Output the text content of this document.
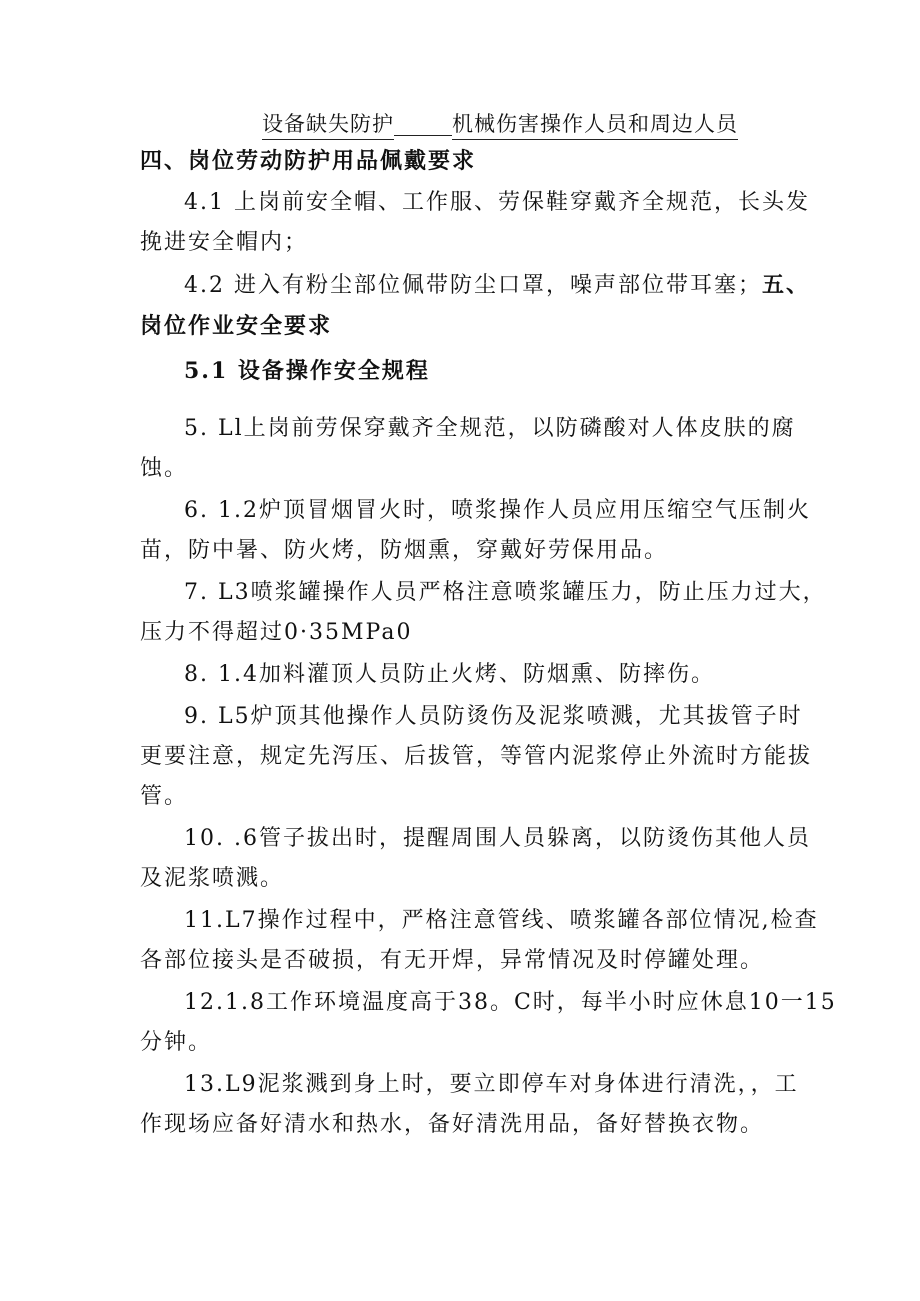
设备缺失防护	机械伤害操作人员和周边人员
四、岗位劳动防护用品佩戴要求
4.1 上岗前安全帽、工作服、劳保鞋穿戴齐全规范，长头发
挽进安全帽内；
4.2 进入有粉尘部位佩带防尘口罩，噪声部位带耳塞；五、
岗位作业安全要求
5.1 设备操作安全规程
5. Ll上岗前劳保穿戴齐全规范，以防磷酸对人体皮肤的腐
蚀。
6. 1.2炉顶冒烟冒火时，喷浆操作人员应用压缩空气压制火
苗，防中暑、防火烤，防烟熏，穿戴好劳保用品。
7. L3喷浆罐操作人员严格注意喷浆罐压力，防止压力过大，
压力不得超过0·35MPa0
8. 1.4加料灌顶人员防止火烤、防烟熏、防摔伤。
9. L5炉顶其他操作人员防烫伤及泥浆喷溅，尤其拔管子时
更要注意，规定先泻压、后拔管，等管内泥浆停止外流时方能拔
管。
10. .6管子拔出时，提醒周围人员躲离，以防烫伤其他人员
及泥浆喷溅。
11.L7操作过程中，严格注意管线、喷浆罐各部位情况,检查
各部位接头是否破损，有无开焊，异常情况及时停罐处理。
12.1.8工作环境温度高于38。C时，每半小时应休息10一15
分钟。
13.L9泥浆溅到身上时，要立即停车对身体进行清洗，，工
作现场应备好清水和热水，备好清洗用品，备好替换衣物。
